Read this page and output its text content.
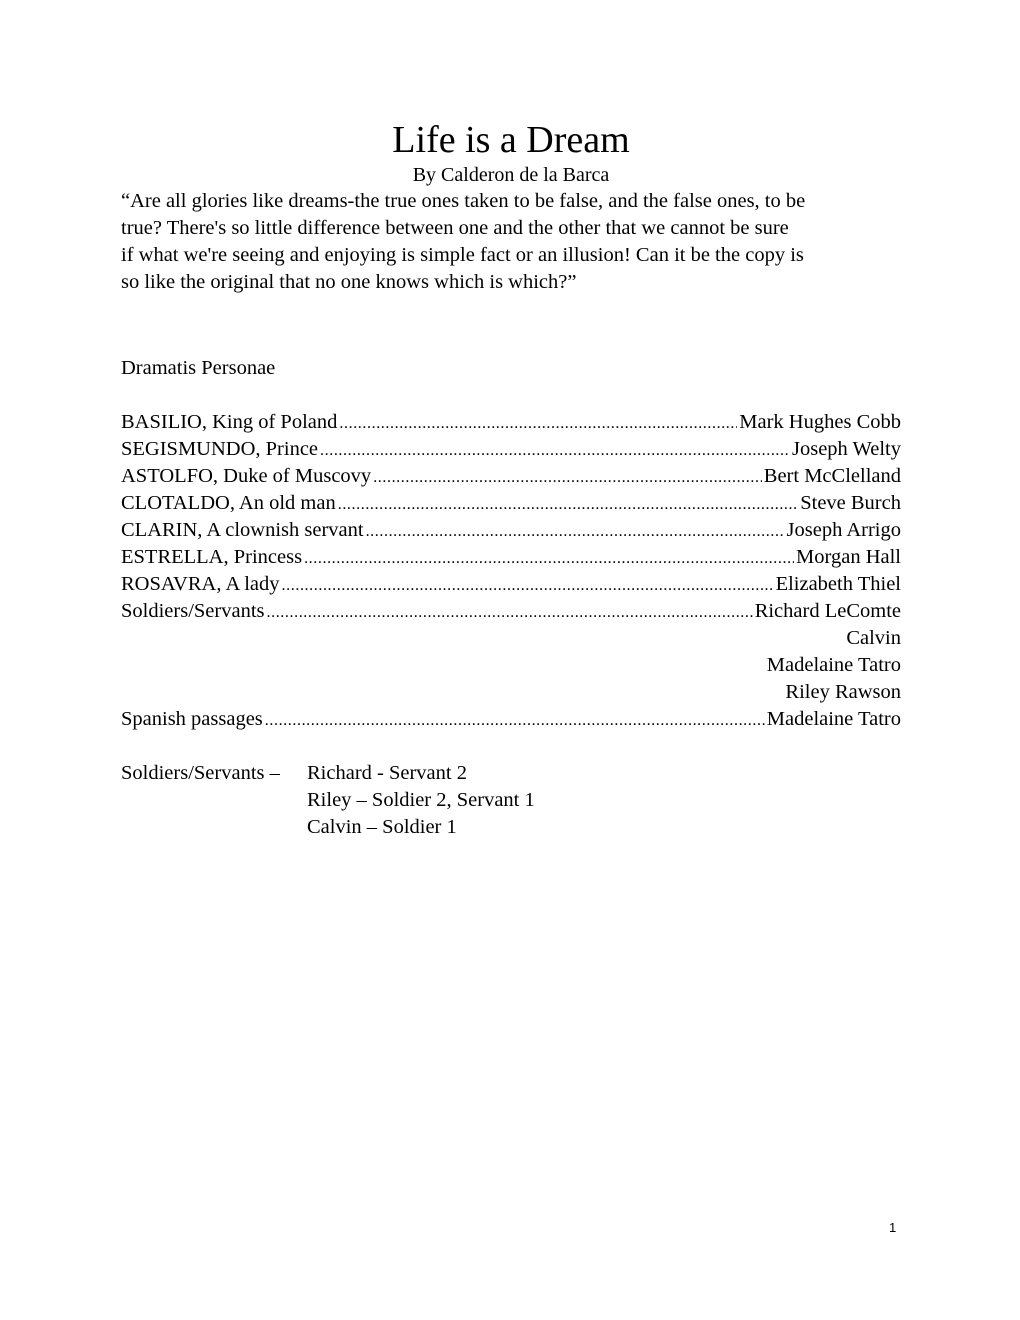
Life is a Dream

By Calderon de la Barca

“Are all glories like dreams-the true ones taken to be false, and the false ones, to be
true? There's so little difference between one and the other that we cannot be sure
if what we're seeing and enjoying is simple fact or an illusion! Can it be the copy is
so like the original that no one knows which is which?”

Dramatis Personae

BASILIO, King of Poland .....	Mark Hughes Cobb
SEGISMUNDO, Prince .....	Joseph Welty
ASTOLFO, Duke of Muscovy .....	Bert McClelland
CLOTALDO, An old man .....	Steve Burch
CLARIN, A clownish servant .....	Joseph Arrigo
ESTRELLA, Princess .....	Morgan Hall
ROSAVRA, A lady .....	Elizabeth Thiel
Soldiers/Servants .....	Richard LeComte
Calvin
Madelaine Tatro
Riley Rawson
Spanish passages .....	Madelaine Tatro
Soldiers/Servants – Richard - Servant 2
Riley – Soldier 2, Servant 1
Calvin – Soldier 1
1
